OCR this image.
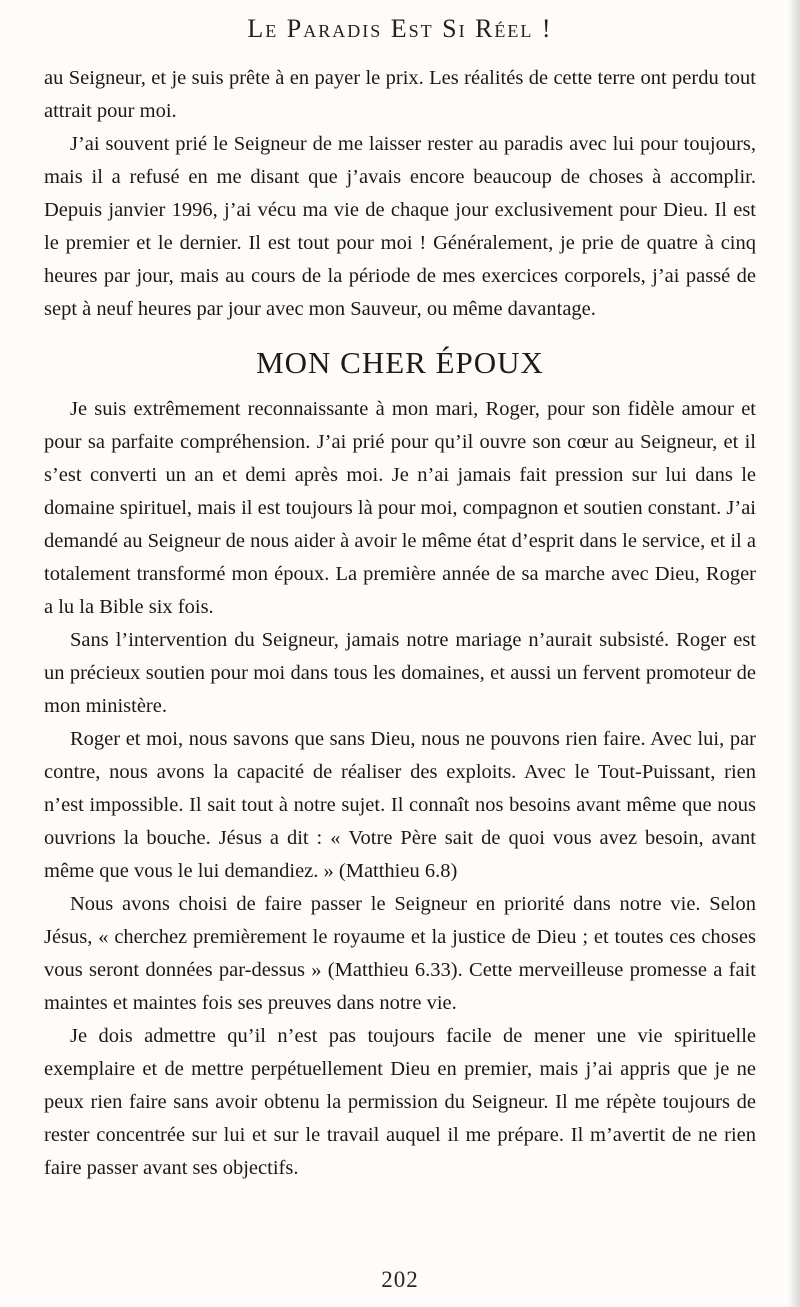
Le Paradis Est Si Réel !

au Seigneur, et je suis prête à en payer le prix. Les réalités de cette terre ont perdu tout attrait pour moi.

J’ai souvent prié le Seigneur de me laisser rester au paradis avec lui pour toujours, mais il a refusé en me disant que j’avais encore beaucoup de choses à accomplir. Depuis janvier 1996, j’ai vécu ma vie de chaque jour exclusivement pour Dieu. Il est le premier et le dernier. Il est tout pour moi ! Généralement, je prie de quatre à cinq heures par jour, mais au cours de la période de mes exercices corporels, j’ai passé de sept à neuf heures par jour avec mon Sauveur, ou même davantage.

MON CHER ÉPOUX

Je suis extrêmement reconnaissante à mon mari, Roger, pour son fidèle amour et pour sa parfaite compréhension. J’ai prié pour qu’il ouvre son cœur au Seigneur, et il s’est converti un an et demi après moi. Je n’ai jamais fait pression sur lui dans le domaine spirituel, mais il est toujours là pour moi, compagnon et soutien constant. J’ai demandé au Seigneur de nous aider à avoir le même état d’esprit dans le service, et il a totalement transformé mon époux. La première année de sa marche avec Dieu, Roger a lu la Bible six fois.

Sans l’intervention du Seigneur, jamais notre mariage n’aurait subsisté. Roger est un précieux soutien pour moi dans tous les domaines, et aussi un fervent promoteur de mon ministère.

Roger et moi, nous savons que sans Dieu, nous ne pouvons rien faire. Avec lui, par contre, nous avons la capacité de réaliser des exploits. Avec le Tout-Puissant, rien n’est impossible. Il sait tout à notre sujet. Il connaît nos besoins avant même que nous ouvrions la bouche. Jésus a dit : « Votre Père sait de quoi vous avez besoin, avant même que vous le lui demandiez. » (Matthieu 6.8)

Nous avons choisi de faire passer le Seigneur en priorité dans notre vie. Selon Jésus, « cherchez premièrement le royaume et la justice de Dieu ; et toutes ces choses vous seront données par-dessus » (Matthieu 6.33). Cette merveilleuse promesse a fait maintes et maintes fois ses preuves dans notre vie.

Je dois admettre qu’il n’est pas toujours facile de mener une vie spirituelle exemplaire et de mettre perpétuellement Dieu en premier, mais j’ai appris que je ne peux rien faire sans avoir obtenu la permission du Seigneur. Il me répète toujours de rester concentrée sur lui et sur le travail auquel il me prépare. Il m’avertit de ne rien faire passer avant ses objectifs.

202
